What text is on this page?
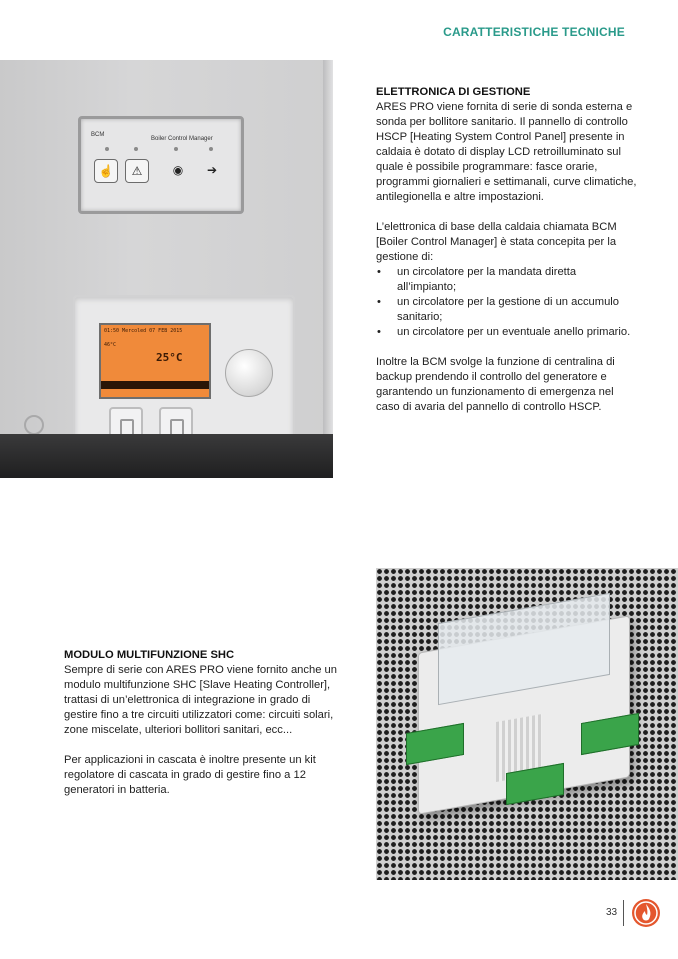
CARATTERISTICHE TECNICHE
BCM
Boiler Control Manager
☝	⚠	◉	➔
01:50 Mercoled 07 FEB 2015
46°C
25°C
ELETTRONICA DI GESTIONE

ARES PRO viene fornita di serie di sonda esterna e sonda per bollitore sanitario. Il pannello di controllo HSCP [Heating System Control Panel] presente in caldaia è dotato di display LCD retroilluminato sul quale è possibile programmare: fasce orarie, programmi giornalieri e settimanali, curve climatiche, antilegionella e altre impostazioni.

L’elettronica di base della caldaia chiamata BCM [Boiler Control Manager] è stata concepita per la gestione di:

• un circolatore per la mandata diretta all’impianto;
• un circolatore per la gestione di un accumulo sanitario;
• un circolatore per un eventuale anello primario.

Inoltre la BCM svolge la funzione di centralina di backup prendendo il controllo del generatore e garantendo un funzionamento di emergenza nel caso di avaria del pannello di controllo HSCP.

MODULO MULTIFUNZIONE SHC

Sempre di serie con ARES PRO viene fornito anche un modulo multifunzione SHC [Slave Heating Controller], trattasi di un’elettronica di integrazione in grado di gestire fino a tre circuiti utilizzatori come: circuiti solari, zone miscelate, ulteriori bollitori sanitari, ecc...

Per applicazioni in cascata è inoltre presente un kit regolatore di cascata in grado di gestire fino a 12 generatori in batteria.

33
